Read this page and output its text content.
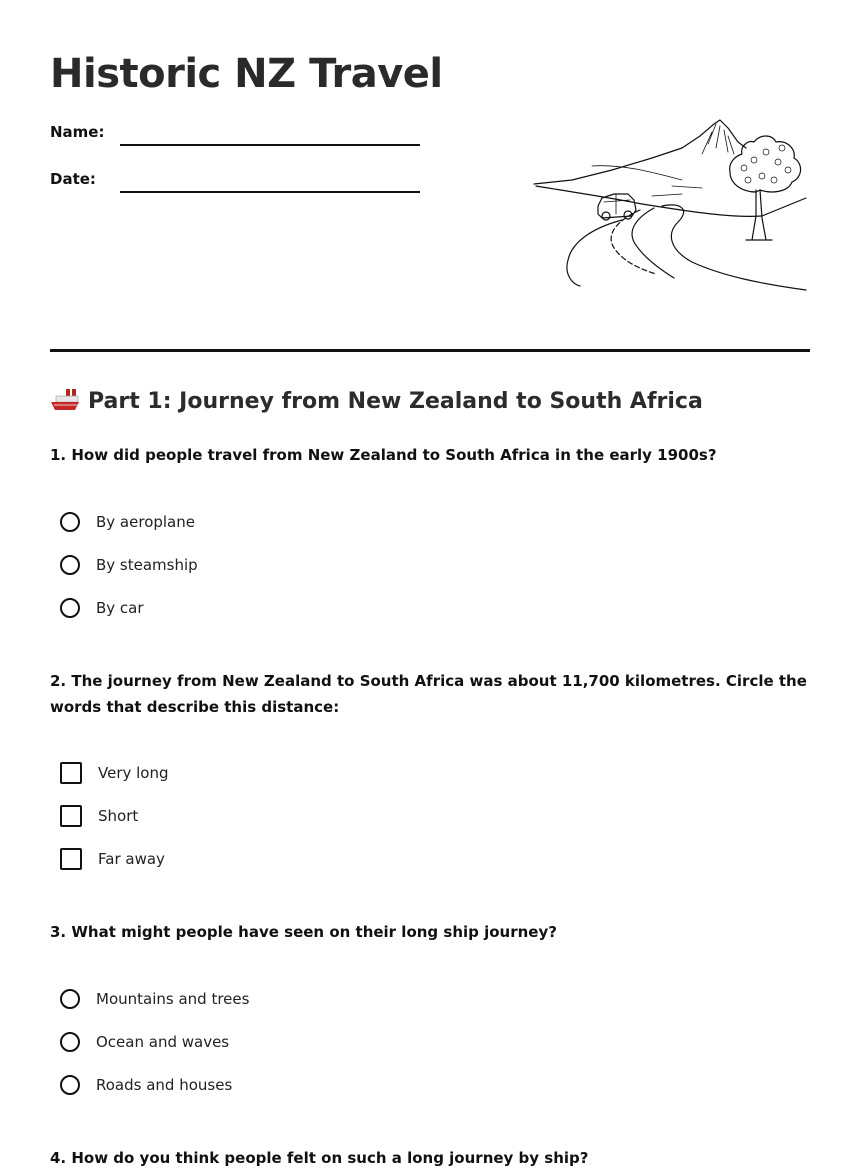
Historic NZ Travel
Name:
Date:
Part 1: Journey from New Zealand to South Africa

1. How did people travel from New Zealand to South Africa in the early 1900s?

By aeroplane
By steamship
By car

2. The journey from New Zealand to South Africa was about 11,700 kilometres. Circle the words that describe this distance:

Very long
Short
Far away

3. What might people have seen on their long ship journey?

Mountains and trees
Ocean and waves
Roads and houses

4. How do you think people felt on such a long journey by ship?
